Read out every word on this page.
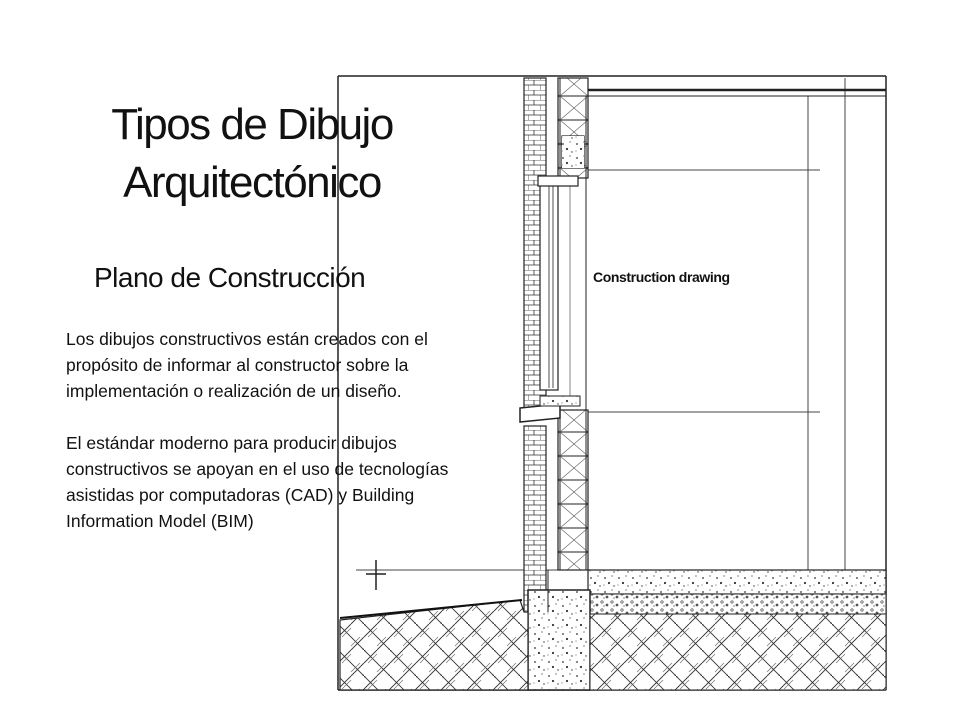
Construction drawing
Tipos de Dibujo
Arquitectónico
Plano de Construcción

Los dibujos constructivos están creados con el propósito de informar al constructor sobre la implementación o realización de un diseño.

El estándar moderno para producir dibujos constructivos se apoyan en el uso de tecnologías asistidas por computadoras (CAD) y Building Information Model (BIM)
